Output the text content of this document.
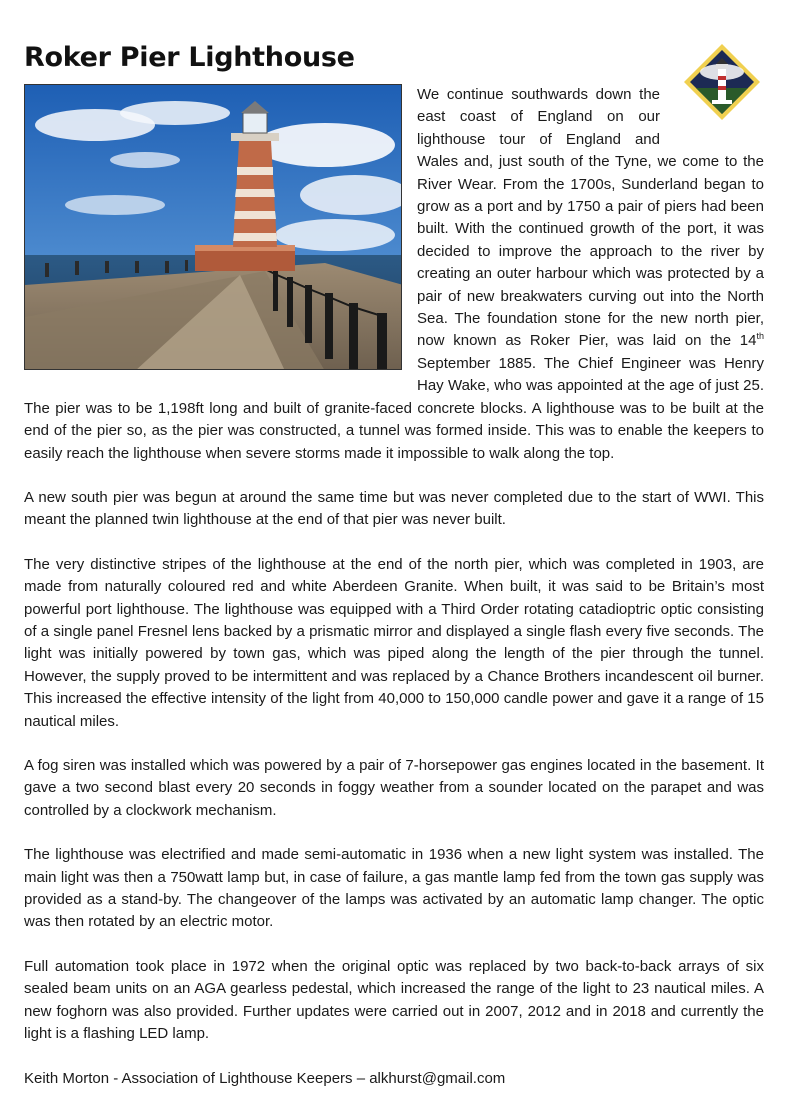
Roker Pier Lighthouse

We continue southwards down the east coast of England on our lighthouse tour of England and Wales and, just south of the Tyne, we come to the River Wear. From the 1700s, Sunderland began to grow as a port and by 1750 a pair of piers had been built. With the continued growth of the port, it was decided to improve the approach to the river by creating an outer harbour which was protected by a pair of new breakwaters curving out into the North Sea. The foundation stone for the new north pier, now known as Roker Pier, was laid on the 14th September 1885. The Chief Engineer was Henry Hay Wake, who was appointed at the age of just 25. The pier was to be 1,198ft long and built of granite-faced concrete blocks. A lighthouse was to be built at the end of the pier so, as the pier was constructed, a tunnel was formed inside. This was to enable the keepers to easily reach the lighthouse when severe storms made it impossible to walk along the top.

A new south pier was begun at around the same time but was never completed due to the start of WWI. This meant the planned twin lighthouse at the end of that pier was never built.

The very distinctive stripes of the lighthouse at the end of the north pier, which was completed in 1903, are made from naturally coloured red and white Aberdeen Granite. When built, it was said to be Britain’s most powerful port lighthouse. The lighthouse was equipped with a Third Order rotating catadioptric optic consisting of a single panel Fresnel lens backed by a prismatic mirror and displayed a single flash every five seconds. The light was initially powered by town gas, which was piped along the length of the pier through the tunnel. However, the supply proved to be intermittent and was replaced by a Chance Brothers incandescent oil burner. This increased the effective intensity of the light from 40,000 to 150,000 candle power and gave it a range of 15 nautical miles.

A fog siren was installed which was powered by a pair of 7-horsepower gas engines located in the basement. It gave a two second blast every 20 seconds in foggy weather from a sounder located on the parapet and was controlled by a clockwork mechanism.

The lighthouse was electrified and made semi-automatic in 1936 when a new light system was installed. The main light was then a 750watt lamp but, in case of failure, a gas mantle lamp fed from the town gas supply was provided as a stand-by. The changeover of the lamps was activated by an automatic lamp changer. The optic was then rotated by an electric motor.

Full automation took place in 1972 when the original optic was replaced by two back-to-back arrays of six sealed beam units on an AGA gearless pedestal, which increased the range of the light to 23 nautical miles. A new foghorn was also provided. Further updates were carried out in 2007, 2012 and in 2018 and currently the light is a flashing LED lamp.

Keith Morton - Association of Lighthouse Keepers – alkhurst@gmail.com
